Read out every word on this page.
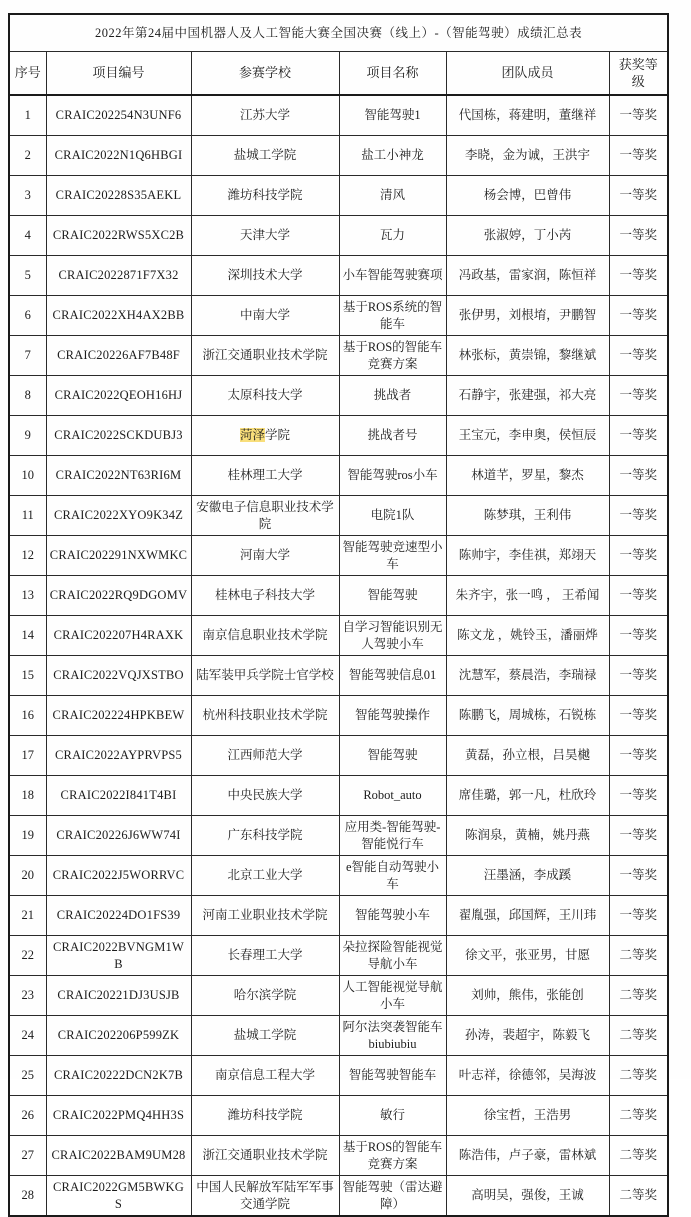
2022年第24届中国机器人及人工智能大赛全国决赛（线上）-（智能驾驶）成绩汇总表					
序号	项目编号	参赛学校	项目名称	团队成员	获奖等级
1	CRAIC202254N3UNF6	江苏大学	智能驾驶1	代国栋，蒋建明，董继祥	一等奖
2	CRAIC2022N1Q6HBGI	盐城工学院	盐工小神龙	李晓，金为诚，王洪宇	一等奖
3	CRAIC20228S35AEKL	潍坊科技学院	清风	杨会博，巴曾伟	一等奖
4	CRAIC2022RWS5XC2B	天津大学	瓦力	张淑婷，丁小芮	一等奖
5	CRAIC2022871F7X32	深圳技术大学	小车智能驾驶赛项	冯政基，雷家润，陈恒祥	一等奖
6	CRAIC2022XH4AX2BB	中南大学	基于ROS系统的智能车	张伊男，刘根堉，尹鹏智	一等奖
7	CRAIC20226AF7B48F	浙江交通职业技术学院	基于ROS的智能车竞赛方案	林张标，黄崇锦，黎继斌	一等奖
8	CRAIC2022QEOH16HJ	太原科技大学	挑战者	石静宇，张建强，祁大亮	一等奖
9	CRAIC2022SCKDUBJ3	菏泽学院	挑战者号	王宝元，李申奥，侯恒辰	一等奖
10	CRAIC2022NT63RI6M	桂林理工大学	智能驾驶ros小车	林道芊，罗星，黎杰	一等奖
11	CRAIC2022XYO9K34Z	安徽电子信息职业技术学院	电院1队	陈梦琪，王利伟	一等奖
12	CRAIC202291NXWMKC	河南大学	智能驾驶竞速型小车	陈帅宇，李佳祺，郑翊天	一等奖
13	CRAIC2022RQ9DGOMV	桂林电子科技大学	智能驾驶	朱齐宇，张一鸣 ， 王希闻	一等奖
14	CRAIC202207H4RAXK	南京信息职业技术学院	自学习智能识别无人驾驶小车	陈文龙 ，姚铃玉，潘丽烨	一等奖
15	CRAIC2022VQJXSTBO	陆军装甲兵学院士官学校	智能驾驶信息01	沈慧军，蔡晨浩，李瑞禄	一等奖
16	CRAIC202224HPKBEW	杭州科技职业技术学院	智能驾驶操作	陈鹏飞，周城栋，石锐栋	一等奖
17	CRAIC2022AYPRVPS5	江西师范大学	智能驾驶	黄磊，孙立根，吕昊樾	一等奖
18	CRAIC2022I841T4BI	中央民族大学	Robot_auto	席佳璐，郭一凡，杜欣玲	一等奖
19	CRAIC20226J6WW74I	广东科技学院	应用类-智能驾驶-智能悦行车	陈润泉，黄楠，姚丹燕	一等奖
20	CRAIC2022J5WORRVC	北京工业大学	e智能自动驾驶小车	汪墨涵，李成蹊	一等奖
21	CRAIC20224DO1FS39	河南工业职业技术学院	智能驾驶小车	翟胤强，邱国辉，王川玮	一等奖
22	CRAIC2022BVNGM1WB	长春理工大学	朵拉探险智能视觉导航小车	徐文平，张亚男，甘愿	二等奖
23	CRAIC20221DJ3USJB	哈尔滨学院	人工智能视觉导航小车	刘帅，熊伟，张能创	二等奖
24	CRAIC202206P599ZK	盐城工学院	阿尔法突袭智能车 biubiubiu	孙涛，裴超宇，陈毅飞	二等奖
25	CRAIC20222DCN2K7B	南京信息工程大学	智能驾驶智能车	叶志祥，徐德邻，吴海波	二等奖
26	CRAIC2022PMQ4HH3S	潍坊科技学院	敏行	徐宝哲，王浩男	二等奖
27	CRAIC2022BAM9UM28	浙江交通职业技术学院	基于ROS的智能车竞赛方案	陈浩伟，卢子豪，雷林斌	二等奖
28	CRAIC2022GM5BWKGS	中国人民解放军陆军军事交通学院	智能驾驶（雷达避障）	高明吴，强俊，王诚	二等奖
